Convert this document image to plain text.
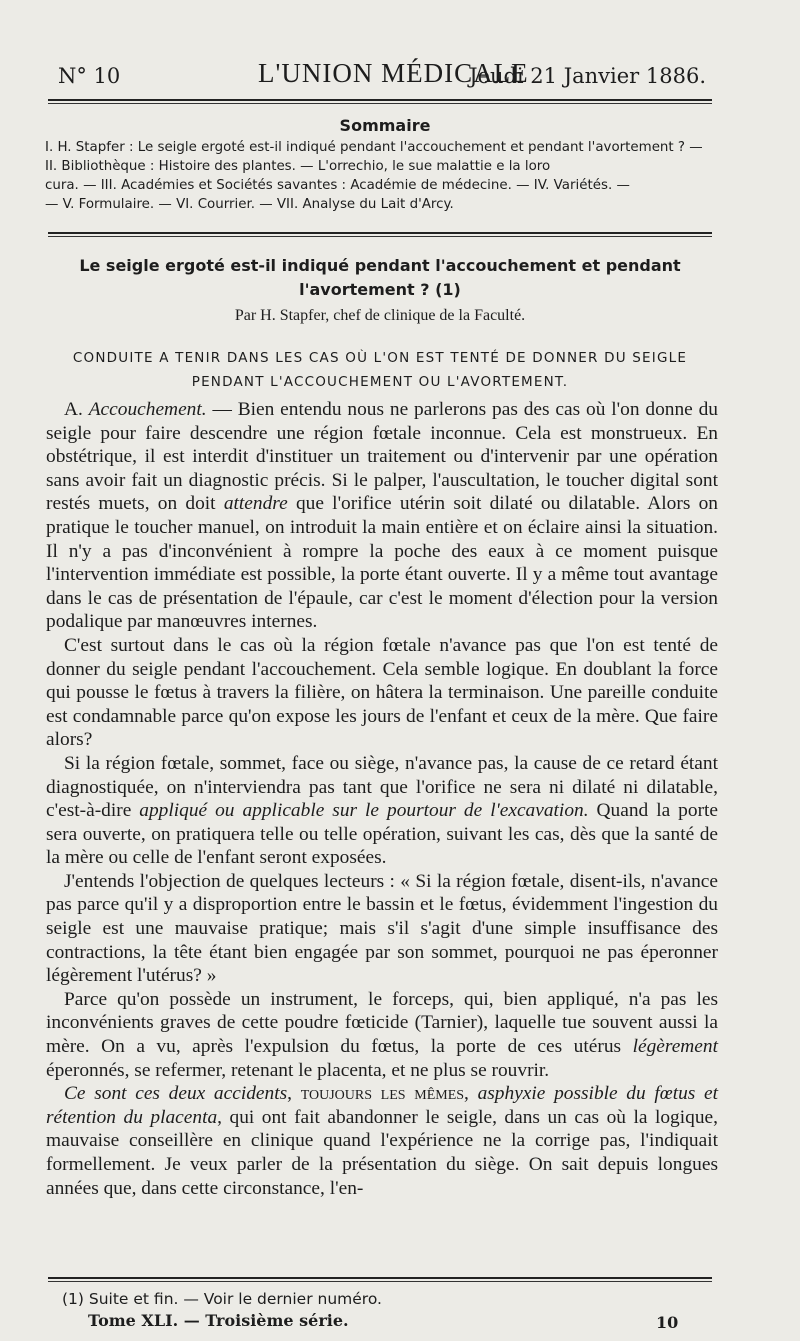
N° 10	L'UNION MÉDICALE
Jeudi 21 Janvier 1886.
Sommaire
I. H. Stapfer : Le seigle ergoté est-il indiqué pendant l'accouchement et pendant l'avortement ? — II. Bibliothèque : Histoire des plantes. — L'orrechio, le sue malattie e la loro
cura. — III. Académies et Sociétés savantes : Académie de médecine. — IV. Variétés. —
— V. Formulaire. — VI. Courrier. — VII. Analyse du Lait d'Arcy.
Le seigle ergoté est-il indiqué pendant l'accouchement et pendant
l'avortement ? (1)
Par H. Stapfer, chef de clinique de la Faculté.
CONDUITE A TENIR DANS LES CAS OÙ L'ON EST TENTÉ DE DONNER DU SEIGLE
PENDANT L'ACCOUCHEMENT OU L'AVORTEMENT.

A. Accouchement. — Bien entendu nous ne parlerons pas des cas où l'on donne du seigle pour faire descendre une région fœtale inconnue. Cela est monstrueux. En obstétrique, il est interdit d'instituer un traitement ou d'intervenir par une opération sans avoir fait un diagnostic précis. Si le palper, l'auscultation, le toucher digital sont restés muets, on doit attendre que l'orifice utérin soit dilaté ou dilatable. Alors on pratique le toucher manuel, on introduit la main entière et on éclaire ainsi la situation. Il n'y a pas d'inconvénient à rompre la poche des eaux à ce moment puisque l'intervention immédiate est possible, la porte étant ouverte. Il y a même tout avantage dans le cas de présentation de l'épaule, car c'est le moment d'élection pour la version podalique par manœuvres internes.

C'est surtout dans le cas où la région fœtale n'avance pas que l'on est tenté de donner du seigle pendant l'accouchement. Cela semble logique. En doublant la force qui pousse le fœtus à travers la filière, on hâtera la terminaison. Une pareille conduite est condamnable parce qu'on expose les jours de l'enfant et ceux de la mère. Que faire alors?

Si la région fœtale, sommet, face ou siège, n'avance pas, la cause de ce retard étant diagnostiquée, on n'interviendra pas tant que l'orifice ne sera ni dilaté ni dilatable, c'est-à-dire appliqué ou applicable sur le pourtour de l'excavation. Quand la porte sera ouverte, on pratiquera telle ou telle opération, suivant les cas, dès que la santé de la mère ou celle de l'enfant seront exposées.

J'entends l'objection de quelques lecteurs : « Si la région fœtale, disent-ils, n'avance pas parce qu'il y a disproportion entre le bassin et le fœtus, évidemment l'ingestion du seigle est une mauvaise pratique; mais s'il s'agit d'une simple insuffisance des contractions, la tête étant bien engagée par son sommet, pourquoi ne pas éperonner légèrement l'utérus? »

Parce qu'on possède un instrument, le forceps, qui, bien appliqué, n'a pas les inconvénients graves de cette poudre fœticide (Tarnier), laquelle tue souvent aussi la mère. On a vu, après l'expulsion du fœtus, la porte de ces utérus légèrement éperonnés, se refermer, retenant le placenta, et ne plus se rouvrir.

Ce sont ces deux accidents, toujours les mêmes, asphyxie possible du fœtus et rétention du placenta, qui ont fait abandonner le seigle, dans un cas où la logique, mauvaise conseillère en clinique quand l'expérience ne la corrige pas, l'indiquait formellement. Je veux parler de la présentation du siège. On sait depuis longues années que, dans cette circonstance, l'en-

(1) Suite et fin. — Voir le dernier numéro.
Tome XLI. — Troisième série.	10
